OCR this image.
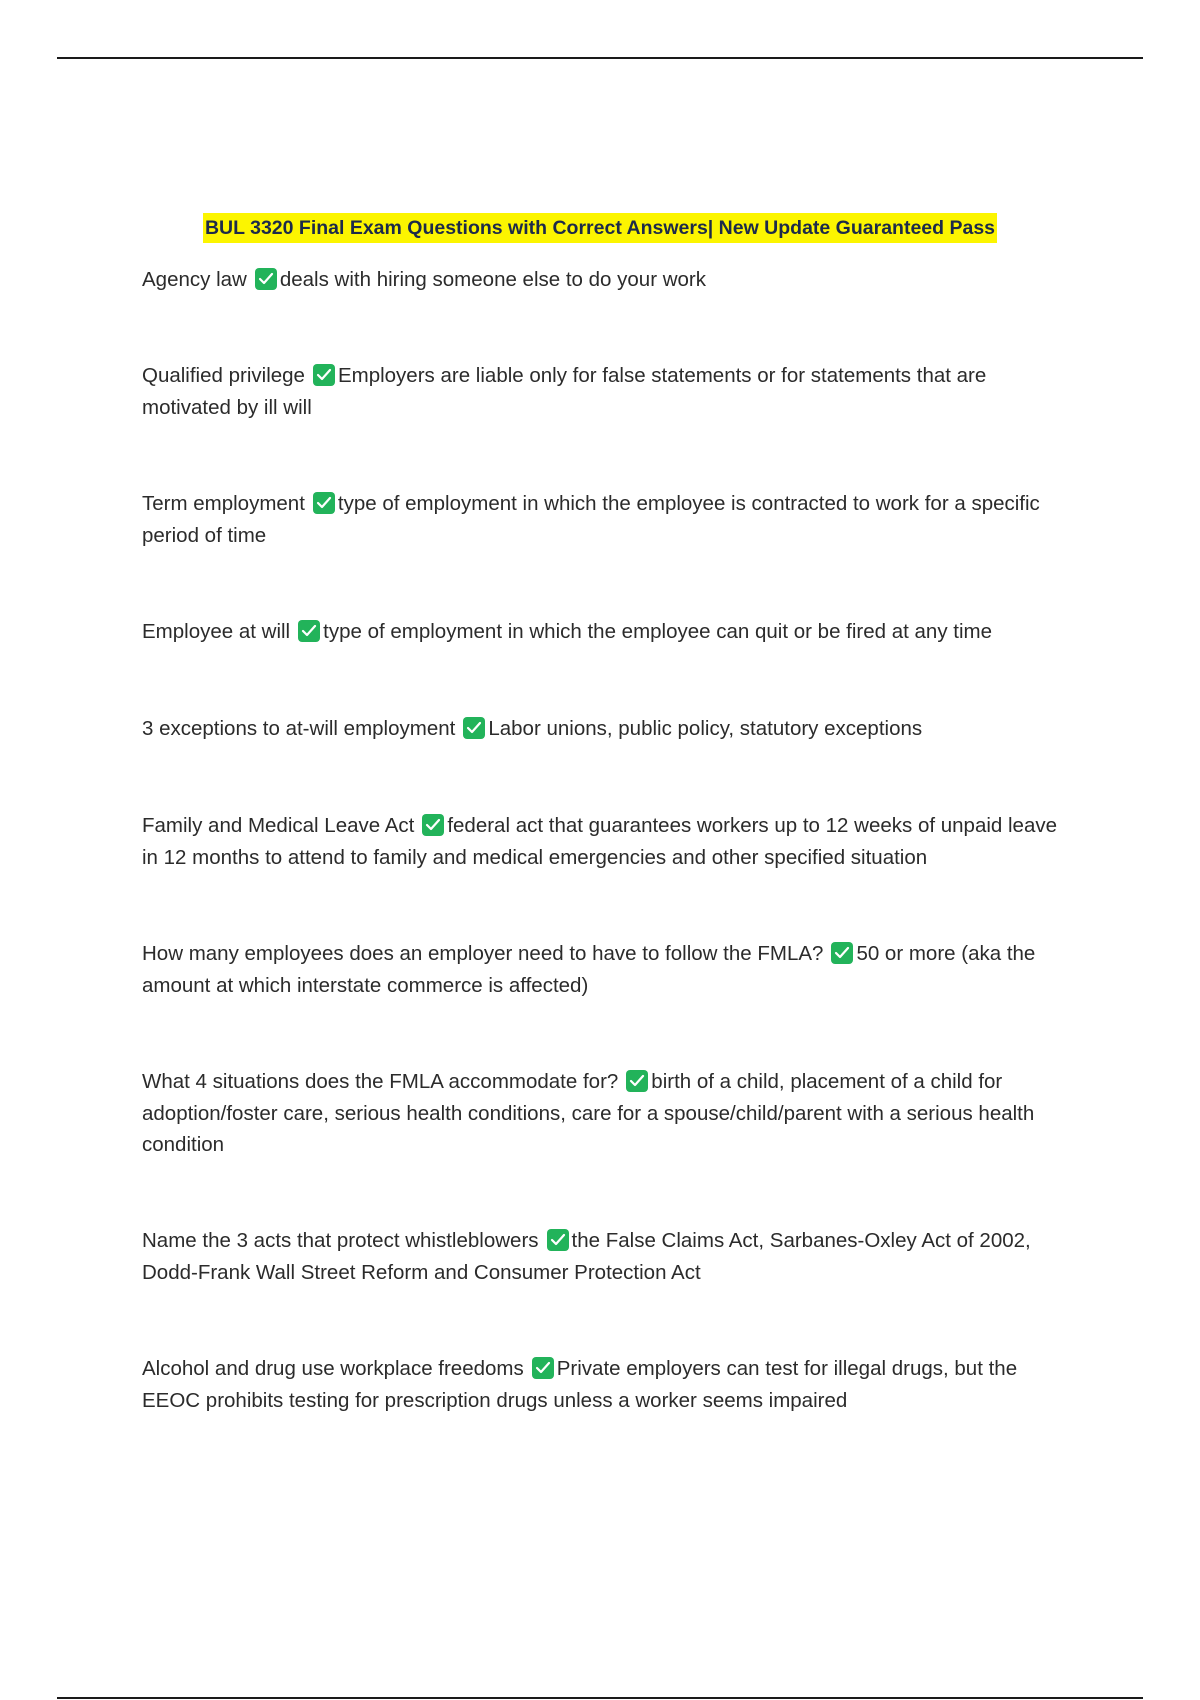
BUL 3320 Final Exam Questions with Correct Answers| New Update Guaranteed Pass
Agency law deals with hiring someone else to do your work
Qualified privilege Employers are liable only for false statements or for statements that are motivated by ill will
Term employment type of employment in which the employee is contracted to work for a specific period of time
Employee at will type of employment in which the employee can quit or be fired at any time
3 exceptions to at-will employment Labor unions, public policy, statutory exceptions
Family and Medical Leave Act federal act that guarantees workers up to 12 weeks of unpaid leave in 12 months to attend to family and medical emergencies and other specified situation
How many employees does an employer need to have to follow the FMLA? 50 or more (aka the amount at which interstate commerce is affected)
What 4 situations does the FMLA accommodate for? birth of a child, placement of a child for adoption/foster care, serious health conditions, care for a spouse/child/parent with a serious health condition
Name the 3 acts that protect whistleblowers the False Claims Act, Sarbanes-Oxley Act of 2002, Dodd-Frank Wall Street Reform and Consumer Protection Act
Alcohol and drug use workplace freedoms Private employers can test for illegal drugs, but the EEOC prohibits testing for prescription drugs unless a worker seems impaired
